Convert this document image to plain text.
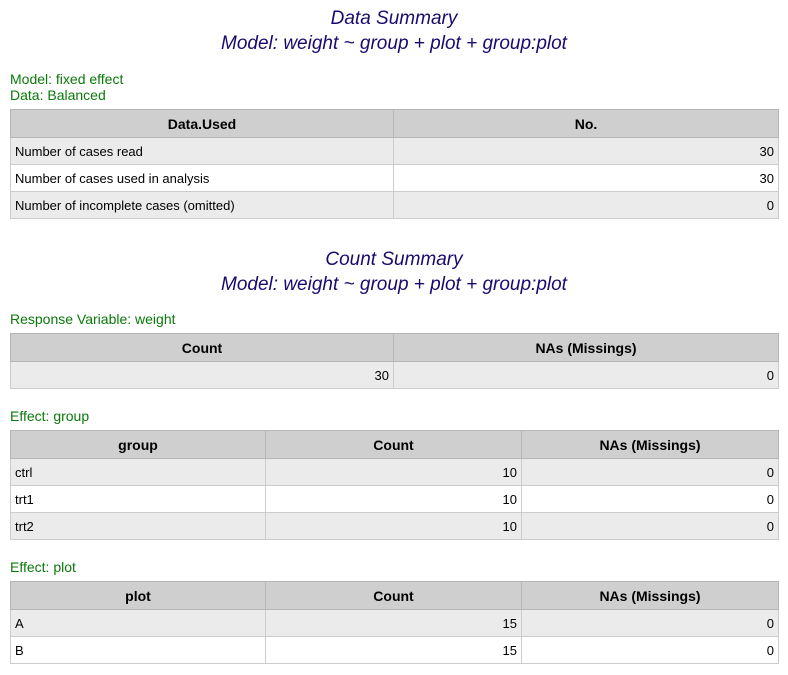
Data Summary
Model: weight ~ group + plot + group:plot
Model: fixed effect
Data: Balanced
Data.Used	No.
Number of cases read	30
Number of cases used in analysis	30
Number of incomplete cases (omitted)	0
Count Summary
Model: weight ~ group + plot + group:plot
Response Variable: weight
Count	NAs (Missings)
30	0
Effect: group
group	Count	NAs (Missings)
ctrl	10	0
trt1	10	0
trt2	10	0
Effect: plot
plot	Count	NAs (Missings)
A	15	0
B	15	0
